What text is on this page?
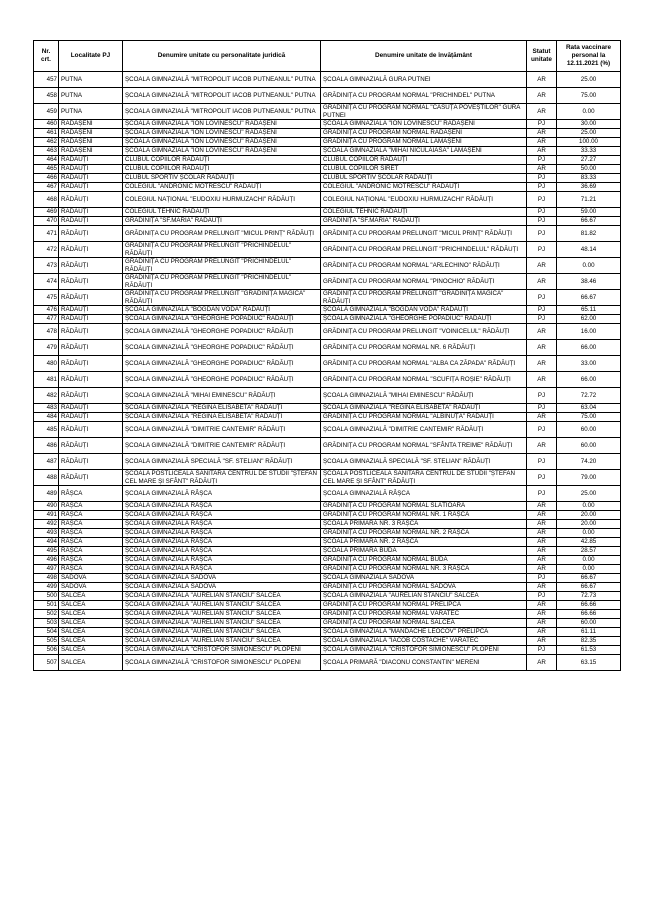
Nr. crt.	Localitate PJ	Denumire unitate cu personalitate juridică	Denumire unitate de învățământ	Statut unitate	Rata vaccinare personal la 12.11.2021 (%)
457	PUTNA	ȘCOALA GIMNAZIALĂ "MITROPOLIT IACOB PUTNEANUL" PUTNA	ȘCOALA GIMNAZIALĂ GURA PUTNEI	AR	25.00
458	PUTNA	ȘCOALA GIMNAZIALĂ "MITROPOLIT IACOB PUTNEANUL" PUTNA	GRĂDINIȚA CU PROGRAM NORMAL "PRICHINDEL" PUTNA	AR	75.00
459	PUTNA	ȘCOALA GIMNAZIALĂ "MITROPOLIT IACOB PUTNEANUL" PUTNA	GRĂDINIȚA CU PROGRAM NORMAL "CĂSUȚA POVEȘTILOR" GURA PUTNEI	AR	0.00
460	RĂDĂȘENI	ȘCOALA GIMNAZIALĂ "ION LOVINESCU" RĂDĂȘENI	ȘCOALA GIMNAZIALĂ "ION LOVINESCU" RĂDĂȘENI	PJ	30.00
461	RĂDĂȘENI	ȘCOALA GIMNAZIALĂ "ION LOVINESCU" RĂDĂȘENI	GRĂDINIȚA CU PROGRAM NORMAL RĂDĂȘENI	AR	25.00
462	RĂDĂȘENI	ȘCOALA GIMNAZIALĂ "ION LOVINESCU" RĂDĂȘENI	GRĂDINIȚA CU PROGRAM NORMAL LĂMĂȘENI	AR	100.00
463	RĂDĂȘENI	ȘCOALA GIMNAZIALĂ "ION LOVINESCU" RĂDĂȘENI	ȘCOALA GIMNAZIALĂ "MIHAI NICULĂIASA" LĂMĂȘENI	AR	33.33
464	RĂDĂUȚI	CLUBUL COPIILOR RĂDĂUȚI	CLUBUL COPIILOR RĂDĂUȚI	PJ	27.27
465	RĂDĂUȚI	CLUBUL COPIILOR RĂDĂUȚI	CLUBUL COPIILOR SIRET	AR	50.00
466	RĂDĂUȚI	CLUBUL SPORTIV ȘCOLAR RĂDĂUȚI	CLUBUL SPORTIV ȘCOLAR RĂDĂUȚI	PJ	83.33
467	RĂDĂUȚI	COLEGIUL "ANDRONIC MOTRESCU" RĂDĂUȚI	COLEGIUL "ANDRONIC MOTRESCU" RĂDĂUȚI	PJ	36.69
468	RĂDĂUȚI	COLEGIUL NAȚIONAL "EUDOXIU HURMUZACHI" RĂDĂUȚI	COLEGIUL NAȚIONAL "EUDOXIU HURMUZACHI" RĂDĂUȚI	PJ	71.21
469	RĂDĂUȚI	COLEGIUL TEHNIC RĂDĂUȚI	COLEGIUL TEHNIC RĂDĂUȚI	PJ	59.00
470	RĂDĂUȚI	GRĂDINIȚA "SF.MARIA" RĂDĂUȚI	GRĂDINIȚA "SF.MARIA" RĂDĂUȚI	PJ	66.67
471	RĂDĂUȚI	GRĂDINIȚA CU PROGRAM PRELUNGIT "MICUL PRINȚ" RĂDĂUȚI	GRĂDINIȚA CU PROGRAM PRELUNGIT "MICUL PRINȚ" RĂDĂUȚI	PJ	81.82
472	RĂDĂUȚI	GRĂDINIȚA CU PROGRAM PRELUNGIT "PRICHINDELUL" RĂDĂUȚI	GRĂDINIȚA CU PROGRAM PRELUNGIT "PRICHINDELUL" RĂDĂUȚI	PJ	48.14
473	RĂDĂUȚI	GRĂDINIȚA CU PROGRAM PRELUNGIT "PRICHINDELUL" RĂDĂUȚI	GRĂDINIȚA CU PROGRAM NORMAL "ARLECHINO" RĂDĂUȚI	AR	0.00
474	RĂDĂUȚI	GRĂDINIȚA CU PROGRAM PRELUNGIT "PRICHINDELUL" RĂDĂUȚI	GRĂDINIȚA CU PROGRAM NORMAL "PINOCHIO" RĂDĂUȚI	AR	38.46
475	RĂDĂUȚI	GRĂDINIȚA CU PROGRAM PRELUNGIT "GRĂDINIȚA MAGICĂ" RĂDĂUȚI	GRĂDINIȚA CU PROGRAM PRELUNGIT "GRĂDINIȚA MAGICĂ" RĂDĂUȚI	PJ	66.67
476	RĂDĂUȚI	ȘCOALA GIMNAZIALĂ "BOGDAN VODĂ" RĂDĂUȚI	ȘCOALA GIMNAZIALĂ "BOGDAN VODĂ" RĂDĂUȚI	PJ	65.11
477	RĂDĂUȚI	ȘCOALA GIMNAZIALĂ "GHEORGHE POPADIUC" RĂDĂUȚI	ȘCOALA GIMNAZIALĂ "GHEORGHE POPADIUC" RĂDĂUȚI	PJ	62.00
478	RĂDĂUȚI	ȘCOALA GIMNAZIALĂ "GHEORGHE POPADIUC" RĂDĂUȚI	GRĂDINIȚA CU PROGRAM PRELUNGIT "VOINICELUL" RĂDĂUȚI	AR	16.00
479	RĂDĂUȚI	ȘCOALA GIMNAZIALĂ "GHEORGHE POPADIUC" RĂDĂUȚI	GRĂDINIȚA CU PROGRAM NORMAL NR. 6 RĂDĂUȚI	AR	66.00
480	RĂDĂUȚI	ȘCOALA GIMNAZIALĂ "GHEORGHE POPADIUC" RĂDĂUȚI	GRĂDINIȚA CU PROGRAM NORMAL "ALBA CA ZĂPADA" RĂDĂUȚI	AR	33.00
481	RĂDĂUȚI	ȘCOALA GIMNAZIALĂ "GHEORGHE POPADIUC" RĂDĂUȚI	GRĂDINIȚA CU PROGRAM NORMAL "SCUFIȚA ROȘIE" RĂDĂUȚI	AR	66.00
482	RĂDĂUȚI	ȘCOALA GIMNAZIALĂ "MIHAI EMINESCU" RĂDĂUȚI	ȘCOALA GIMNAZIALĂ "MIHAI EMINESCU" RĂDĂUȚI	PJ	72.72
483	RĂDĂUȚI	ȘCOALA GIMNAZIALĂ "REGINA ELISABETA" RĂDĂUȚI	ȘCOALA GIMNAZIALĂ "REGINA ELISABETA" RĂDĂUȚI	PJ	63.04
484	RĂDĂUȚI	ȘCOALA GIMNAZIALĂ "REGINA ELISABETA" RĂDĂUȚI	GRĂDINIȚA CU PROGRAM NORMAL "ALBINUȚA" RĂDĂUȚI	AR	75.00
485	RĂDĂUȚI	ȘCOALA GIMNAZIALĂ "DIMITRIE CANTEMIR" RĂDĂUȚI	ȘCOALA GIMNAZIALĂ "DIMITRIE CANTEMIR" RĂDĂUȚI	PJ	60.00
486	RĂDĂUȚI	ȘCOALA GIMNAZIALĂ "DIMITRIE CANTEMIR" RĂDĂUȚI	GRĂDINIȚA CU PROGRAM NORMAL "SFÂNTA TREIME" RĂDĂUȚI	AR	60.00
487	RĂDĂUȚI	ȘCOALA GIMNAZIALĂ SPECIALĂ "SF. STELIAN" RĂDĂUȚI	ȘCOALA GIMNAZIALĂ SPECIALĂ "SF. STELIAN" RĂDĂUȚI	PJ	74.20
488	RĂDĂUȚI	ȘCOALA POSTLICEALĂ SANITARĂ CENTRUL DE STUDII "ȘTEFAN CEL MARE ȘI SFÂNT" RĂDĂUȚI	ȘCOALA POSTLICEALĂ SANITARĂ CENTRUL DE STUDII "ȘTEFAN CEL MARE ȘI SFÂNT" RĂDĂUȚI	PJ	79.00
489	RÂȘCA	ȘCOALA GIMNAZIALĂ RÂȘCA	ȘCOALA GIMNAZIALĂ RÂȘCA	PJ	25.00
490	RÂȘCA	ȘCOALA GIMNAZIALĂ RÂȘCA	GRĂDINIȚA CU PROGRAM NORMAL SLĂTIOARA	AR	0.00
491	RÂȘCA	ȘCOALA GIMNAZIALĂ RÂȘCA	GRĂDINIȚA CU PROGRAM NORMAL NR. 1 RÂȘCA	AR	20.00
492	RÂȘCA	ȘCOALA GIMNAZIALĂ RÂȘCA	ȘCOALA PRIMARĂ NR. 3 RÂȘCA	AR	20.00
493	RÂȘCA	ȘCOALA GIMNAZIALĂ RÂȘCA	GRĂDINIȚA CU PROGRAM NORMAL NR. 2 RÂȘCA	AR	0.00
494	RÂȘCA	ȘCOALA GIMNAZIALĂ RÂȘCA	ȘCOALA PRIMARĂ NR. 2 RÂȘCA	AR	42.85
495	RÂȘCA	ȘCOALA GIMNAZIALĂ RÂȘCA	ȘCOALA PRIMARĂ BUDA	AR	28.57
496	RÂȘCA	ȘCOALA GIMNAZIALĂ RÂȘCA	GRĂDINIȚA CU PROGRAM NORMAL BUDA	AR	0.00
497	RÂȘCA	ȘCOALA GIMNAZIALĂ RÂȘCA	GRĂDINIȚA CU PROGRAM NORMAL NR. 3 RÂȘCA	AR	0.00
498	SADOVA	ȘCOALA GIMNAZIALĂ SADOVA	ȘCOALA GIMNAZIALĂ SADOVA	PJ	66.67
499	SADOVA	ȘCOALA GIMNAZIALĂ SADOVA	GRĂDINIȚA CU PROGRAM NORMAL SADOVA	AR	66.67
500	SALCEA	ȘCOALA GIMNAZIALĂ "AURELIAN STANCIU" SALCEA	ȘCOALA GIMNAZIALĂ "AURELIAN STANCIU" SALCEA	PJ	72.73
501	SALCEA	ȘCOALA GIMNAZIALĂ "AURELIAN STANCIU" SALCEA	GRĂDINIȚA CU PROGRAM NORMAL PRELIPCA	AR	66.66
502	SALCEA	ȘCOALA GIMNAZIALĂ "AURELIAN STANCIU" SALCEA	GRĂDINIȚA CU PROGRAM NORMAL VĂRATEC	AR	66.66
503	SALCEA	ȘCOALA GIMNAZIALĂ "AURELIAN STANCIU" SALCEA	GRĂDINIȚA CU PROGRAM NORMAL SALCEA	AR	60.00
504	SALCEA	ȘCOALA GIMNAZIALĂ "AURELIAN STANCIU" SALCEA	ȘCOALA GIMNAZIALĂ "MANDACHE LEOCOV" PRELIPCA	AR	61.11
505	SALCEA	ȘCOALA GIMNAZIALĂ "AURELIAN STANCIU" SALCEA	ȘCOALA GIMNAZIALĂ "IACOB COSTACHE" VĂRATEC	AR	82.35
506	SALCEA	ȘCOALA GIMNAZIALĂ "CRISTOFOR SIMIONESCU" PLOPENI	ȘCOALA GIMNAZIALĂ "CRISTOFOR SIMIONESCU" PLOPENI	PJ	61.53
507	SALCEA	ȘCOALA GIMNAZIALĂ "CRISTOFOR SIMIONESCU" PLOPENI	ȘCOALA PRIMARĂ "DIACONU CONSTANTIN" MERENI	AR	63.15
